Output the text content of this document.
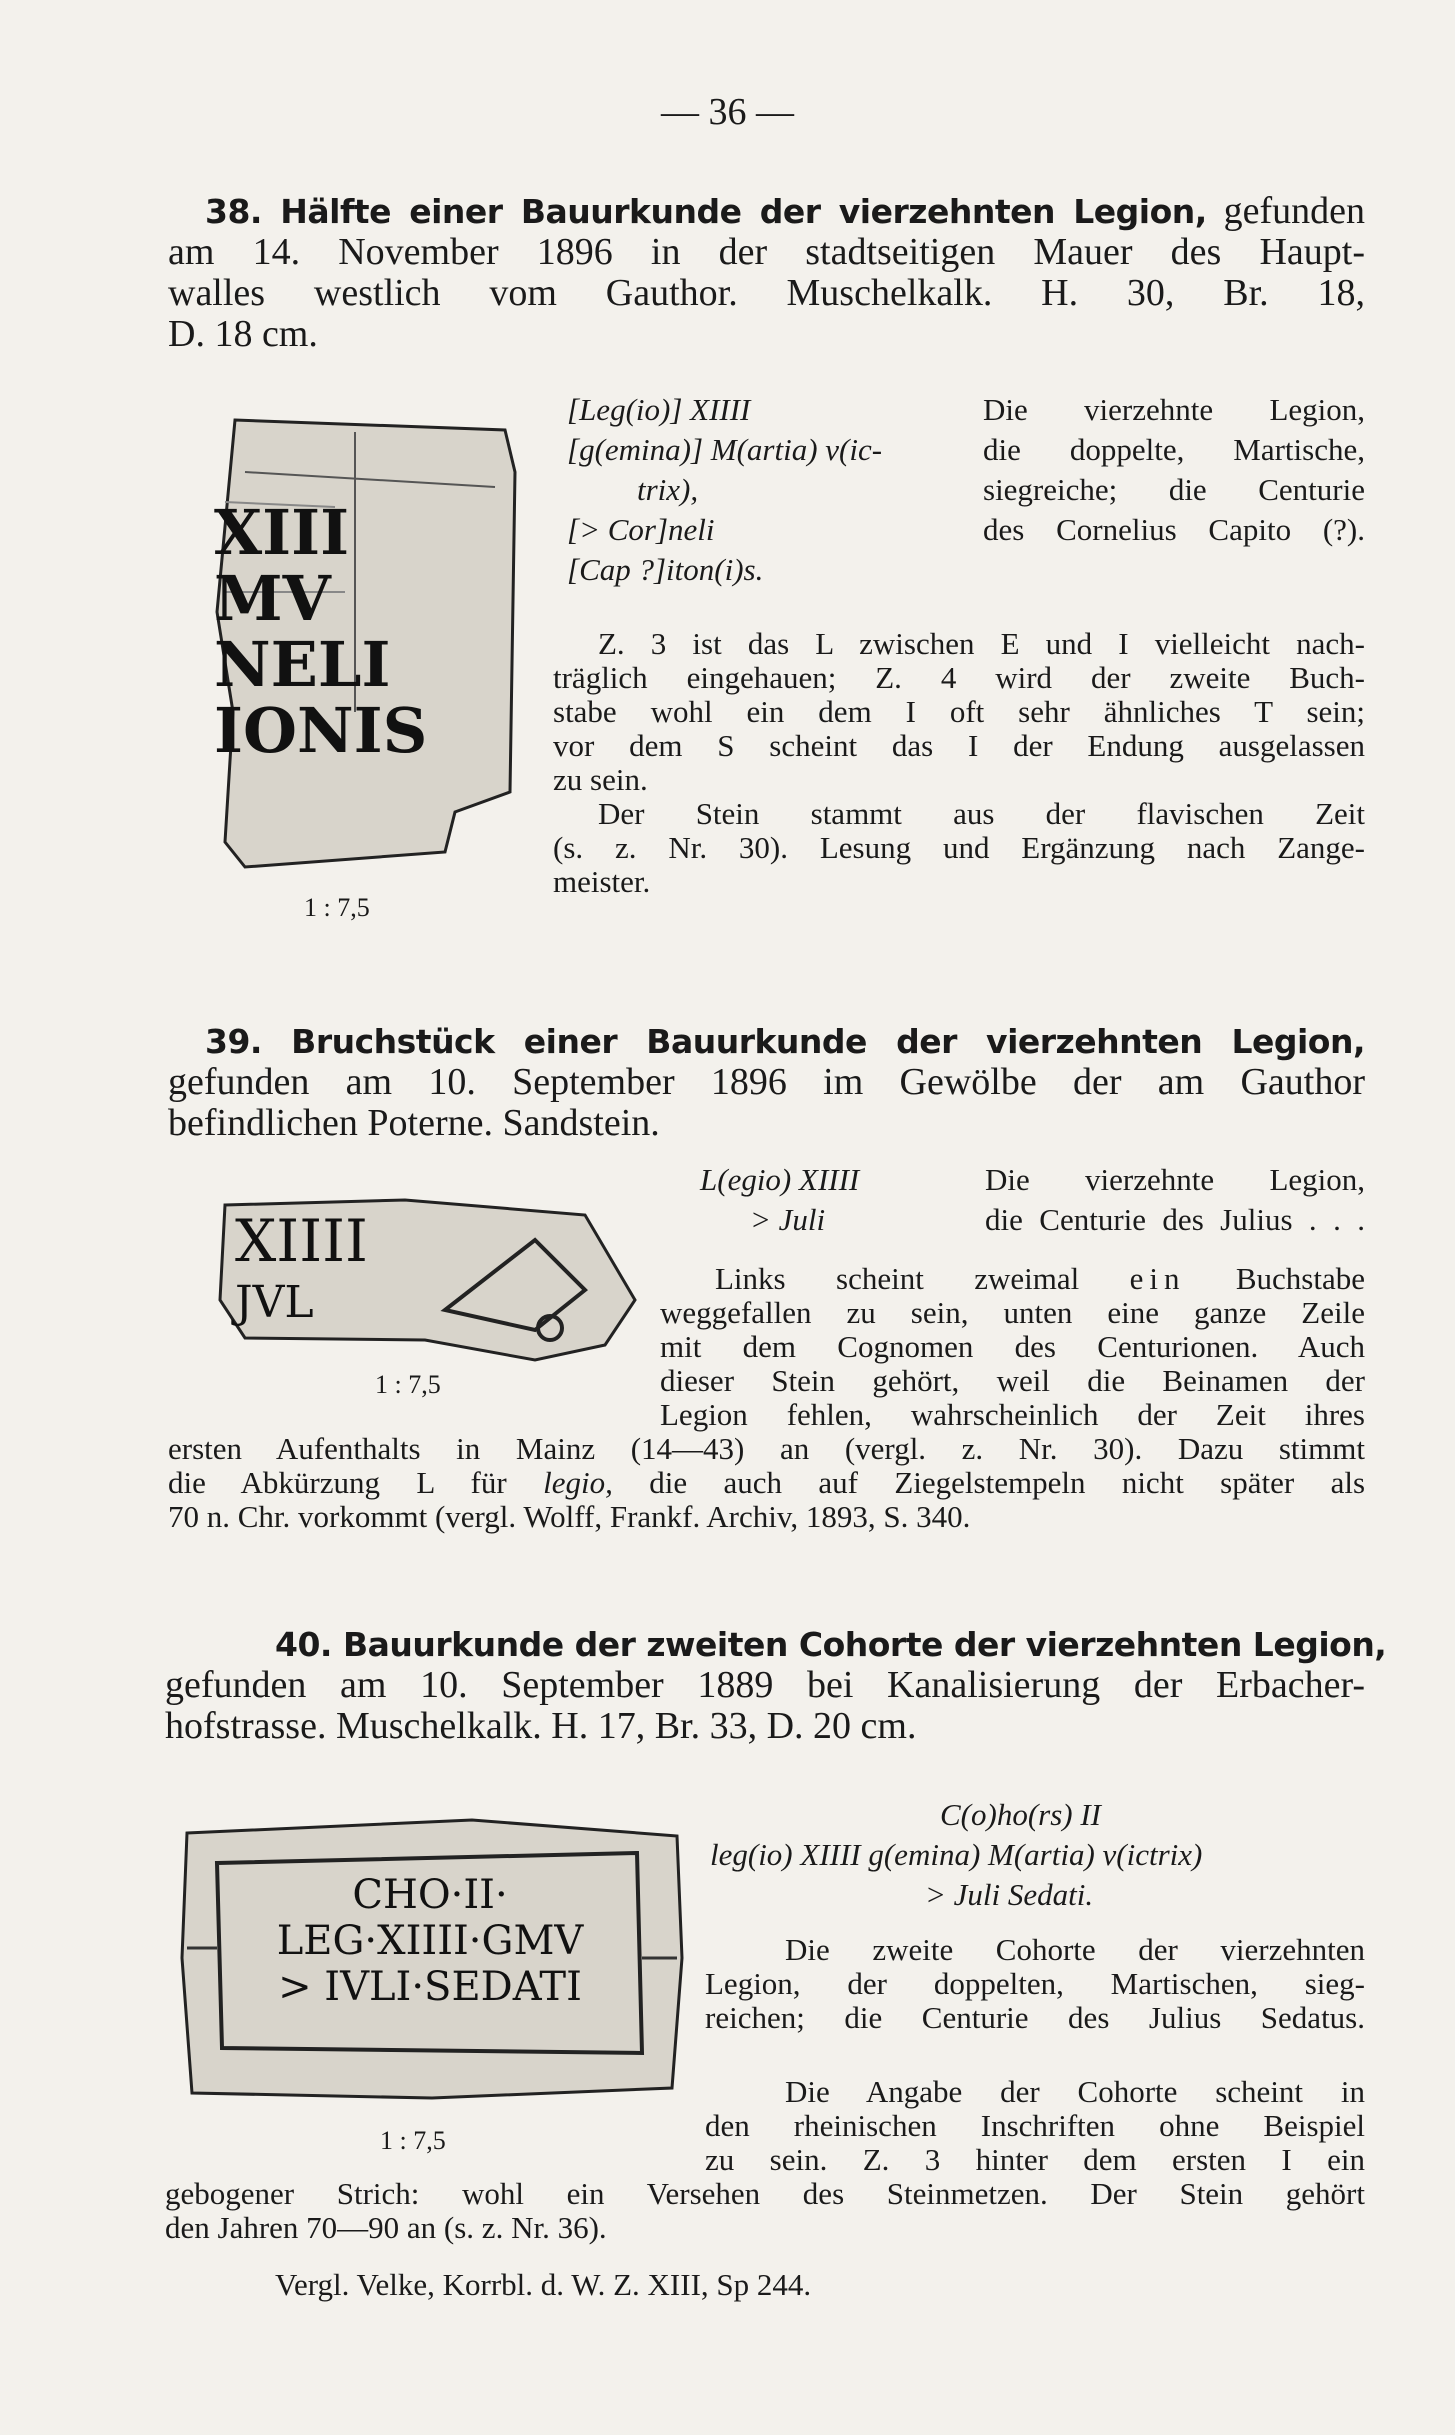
— 36 —
38. Hälfte einer Bauurkunde der vierzehnten Legion, gefunden
am 14. November 1896 in der stadtseitigen Mauer des Haupt-
walles westlich vom Gauthor. Muschelkalk. H. 30, Br. 18,
D. 18 cm.
XIII
MV
NELI
IONIS
1 : 7,5
[Leg(io)] XIIII
[g(emina)] M(artia) v(ic-
trix),
[> Cor]neli
[Cap ?]iton(i)s.
Die vierzehnte Legion,
die doppelte, Martische,
siegreiche; die Centurie
des Cornelius Capito (?).
Z. 3 ist das L zwischen E und I vielleicht nach-
träglich eingehauen; Z. 4 wird der zweite Buch-
stabe wohl ein dem I oft sehr ähnliches T sein;
vor dem S scheint das I der Endung ausgelassen
zu sein.
Der Stein stammt aus der flavischen Zeit
(s. z. Nr. 30). Lesung und Ergänzung nach Zange-
meister.
39. Bruchstück einer Bauurkunde der vierzehnten Legion,
gefunden am 10. September 1896 im Gewölbe der am Gauthor
befindlichen Poterne. Sandstein.
XIIII
JVL
1 : 7,5
L(egio) XIIII
> Juli
Die vierzehnte Legion,
die Centurie des Julius . . .
Links scheint zweimal ein Buchstabe
weggefallen zu sein, unten eine ganze Zeile
mit dem Cognomen des Centurionen. Auch
dieser Stein gehört, weil die Beinamen der
Legion fehlen, wahrscheinlich der Zeit ihres
ersten Aufenthalts in Mainz (14—43) an (vergl. z. Nr. 30). Dazu stimmt
die Abkürzung L für legio, die auch auf Ziegelstempeln nicht später als
70 n. Chr. vorkommt (vergl. Wolff, Frankf. Archiv, 1893, S. 340.
40. Bauurkunde der zweiten Cohorte der vierzehnten Legion,
gefunden am 10. September 1889 bei Kanalisierung der Erbacher-
hofstrasse. Muschelkalk. H. 17, Br. 33, D. 20 cm.
CHO·II·
LEG·XIIII·GMV
> IVLI·SEDATI
1 : 7,5
C(o)ho(rs) II
leg(io) XIIII g(emina) M(artia) v(ictrix)
> Juli Sedati.
Die zweite Cohorte der vierzehnten
Legion, der doppelten, Martischen, sieg-
reichen; die Centurie des Julius Sedatus.
Die Angabe der Cohorte scheint in
den rheinischen Inschriften ohne Beispiel
zu sein. Z. 3 hinter dem ersten I ein
gebogener Strich: wohl ein Versehen des Steinmetzen. Der Stein gehört
den Jahren 70—90 an (s. z. Nr. 36).
Vergl. Velke, Korrbl. d. W. Z. XIII, Sp 244.
